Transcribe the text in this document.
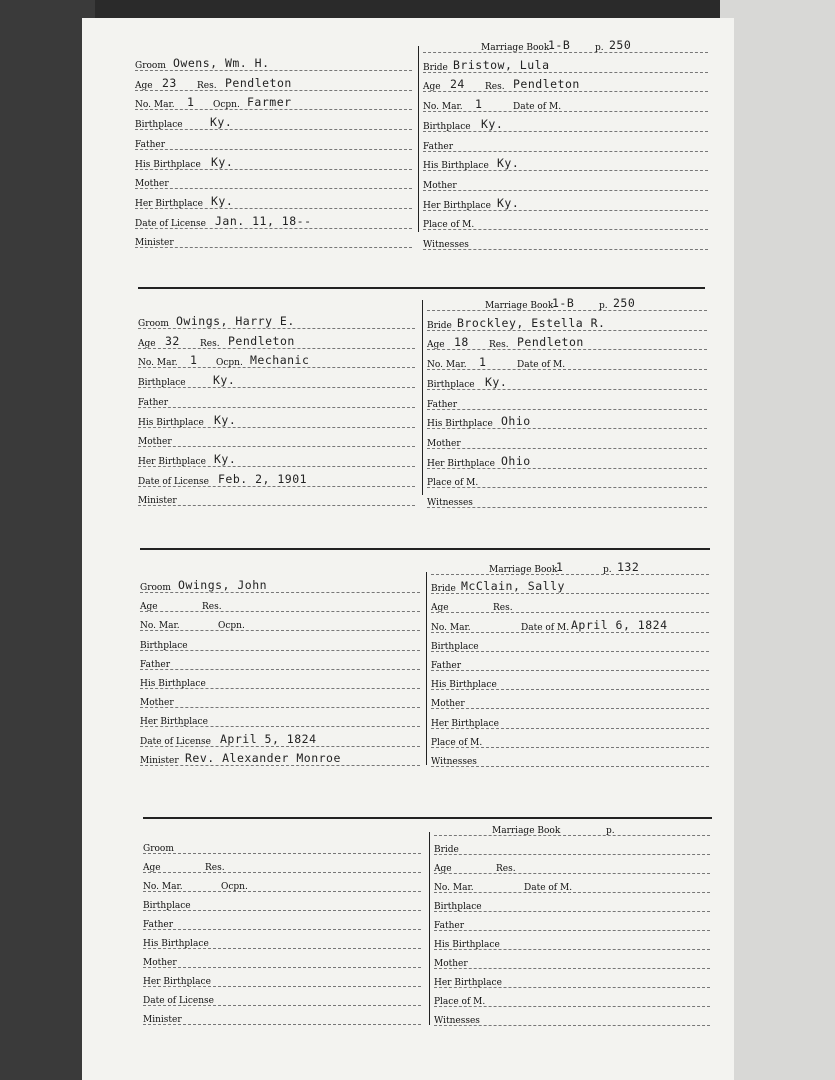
Groom Owens, Wm. H.
Age 23 Res. Pendleton
No. Mar. 1 Ocpn. Farmer
Birthplace Ky.
Father
His Birthplace Ky.
Mother
Her Birthplace Ky.
Date of License Jan. 11, 18--
Minister
Marriage Book
1-B	p. 250
Bride Bristow, Lula
Age 24 Res. Pendleton
No. Mar. 1	Date of M.
Birthplace Ky.
Father
His Birthplace Ky.
Mother
Her Birthplace Ky.
Place of M.
Witnesses
Groom Owings, Harry E.
Age 32 Res. Pendleton
No. Mar. 1 Ocpn. Mechanic
Birthplace Ky.
Father
His Birthplace Ky.
Mother
Her Birthplace Ky.
Date of License Feb. 2, 1901
Minister
Marriage Book
1-B	p. 250
Bride Brockley, Estella R.
Age 18 Res. Pendleton
No. Mar. 1	Date of M.
Birthplace Ky.
Father
His Birthplace Ohio
Mother
Her Birthplace Ohio
Place of M.
Witnesses
Groom Owings, John
Age	Res.
No. Mar.	Ocpn.
Birthplace
Father
His Birthplace
Mother
Her Birthplace
Date of License April 5, 1824
Minister Rev. Alexander Monroe
Marriage Book
1	p. 132
Bride McClain, Sally
Age	Res.
No. Mar.	Date of M. April 6, 1824
Birthplace
Father
His Birthplace
Mother
Her Birthplace
Place of M.
Witnesses
Groom
Age	Res.
No. Mar.	Ocpn.
Birthplace
Father
His Birthplace
Mother
Her Birthplace
Date of License
Minister
Marriage Book	p.
Bride
Age	Res.
No. Mar.	Date of M.
Birthplace
Father
His Birthplace
Mother
Her Birthplace
Place of M.
Witnesses
